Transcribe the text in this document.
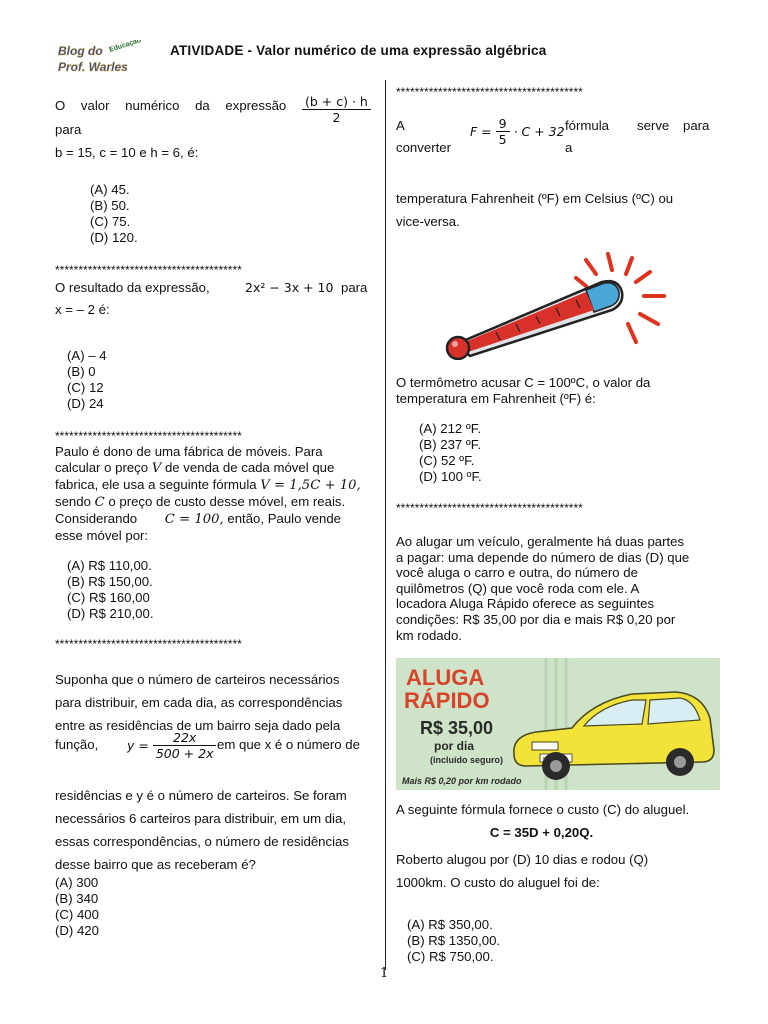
Blog do
Prof. Warles
Educação ATIVIDADE - Valor numérico de uma expressão algébrica
O valor numérico da expressão	$\frac{(b + c) \cdot h}{2}$
para
b = 15, c = 10 e h = 6, é:
(A) 45.
(B) 50.
(C) 75.
(D) 120.
****************************************
O resultado da expressão,	2x² − 3x + 10 para
x = – 2 é:
(A) – 4
(B) 0
(C) 12
(D) 24
****************************************
Paulo é dono de uma fábrica de móveis. Para
calcular o preço V de venda de cada móvel que
fabrica, ele usa a seguinte fórmula V = 1,5C + 10,
sendo C o preço de custo desse móvel, em reais.
Considerando C = 100, então, Paulo vende
esse móvel por:
(A) R$ 110,00.
(B) R$ 150,00.
(C) R$ 160,00
(D) R$ 210,00.
****************************************
Suponha que o número de carteiros necessários
para distribuir, em cada dia, as correspondências
entre as residências de um bairro seja dado pela
função, $y = \frac{22x}{500 + 2x}$ em que x é o número de
residências e y é o número de carteiros. Se foram
necessários 6 carteiros para distribuir, em um dia,
essas correspondências, o número de residências
desse bairro que as receberam é?
(A) 300
(B) 340
(C) 400
(D) 420
****************************************
A	$F = \frac{9}{5} \cdot C + 32$ fórmula serve para
converter	a
temperatura Fahrenheit (ºF) em Celsius (ºC) ou
vice-versa.
O termômetro acusar C = 100ºC, o valor da
temperatura em Fahrenheit (ºF) é:
(A) 212 ºF.
(B) 237 ºF.
(C) 52 ºF.
(D) 100 ºF.
****************************************
Ao alugar um veículo, geralmente há duas partes
a pagar: uma depende do número de dias (D) que
você aluga o carro e outra, do número de
quilômetros (Q) que você roda com ele. A
locadora Aluga Rápido oferece as seguintes
condições: R$ 35,00 por dia e mais R$ 0,20 por
km rodado.
ALUGA
RÁPIDO
R$ 35,00
por dia
(incluído seguro)
Mais R$ 0,20 por km rodado
A seguinte fórmula fornece o custo (C) do aluguel.
C = 35D + 0,20Q.
Roberto alugou por (D) 10 dias e rodou (Q)
1000km. O custo do aluguel foi de:
(A) R$ 350,00.
(B) R$ 1350,00.
(C) R$ 750,00.
1
